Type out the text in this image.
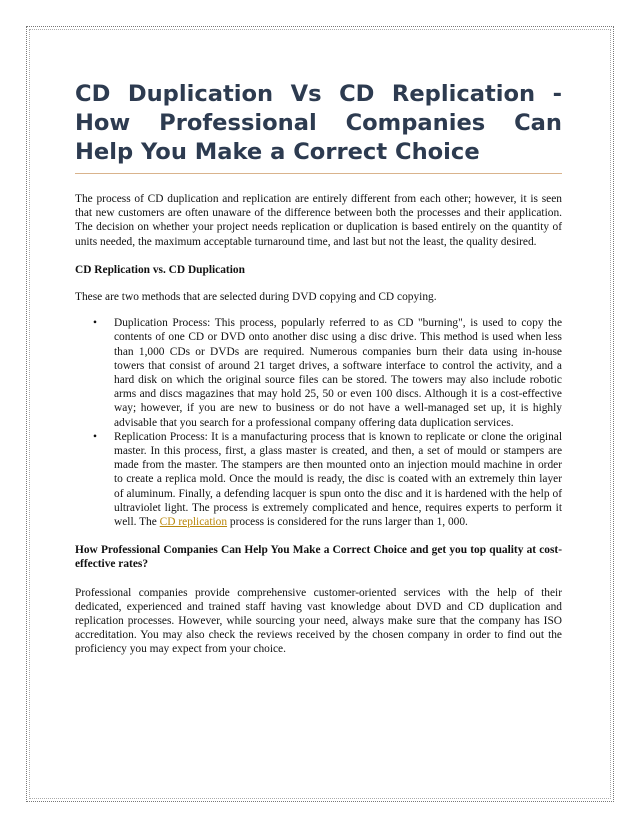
CD Duplication Vs CD Replication - How Professional Companies Can Help You Make a Correct Choice

The process of CD duplication and replication are entirely different from each other; however, it is seen that new customers are often unaware of the difference between both the processes and their application. The decision on whether your project needs replication or duplication is based entirely on the quantity of units needed, the maximum acceptable turnaround time, and last but not the least, the quality desired.

CD Replication vs. CD Duplication

These are two methods that are selected during DVD copying and CD copying.

• Duplication Process: This process, popularly referred to as CD "burning", is used to copy the contents of one CD or DVD onto another disc using a disc drive. This method is used when less than 1,000 CDs or DVDs are required. Numerous companies burn their data using in-house towers that consist of around 21 target drives, a software interface to control the activity, and a hard disk on which the original source files can be stored. The towers may also include robotic arms and discs magazines that may hold 25, 50 or even 100 discs. Although it is a cost-effective way; however, if you are new to business or do not have a well-managed set up, it is highly advisable that you search for a professional company offering data duplication services.
• Replication Process: It is a manufacturing process that is known to replicate or clone the original master. In this process, first, a glass master is created, and then, a set of mould or stampers are made from the master. The stampers are then mounted onto an injection mould machine in order to create a replica mold. Once the mould is ready, the disc is coated with an extremely thin layer of aluminum. Finally, a defending lacquer is spun onto the disc and it is hardened with the help of ultraviolet light. The process is extremely complicated and hence, requires experts to perform it well. The CD replication process is considered for the runs larger than 1, 000.

How Professional Companies Can Help You Make a Correct Choice and get you top quality at cost-effective rates?

Professional companies provide comprehensive customer-oriented services with the help of their dedicated, experienced and trained staff having vast knowledge about DVD and CD duplication and replication processes. However, while sourcing your need, always make sure that the company has ISO accreditation. You may also check the reviews received by the chosen company in order to find out the proficiency you may expect from your choice.
